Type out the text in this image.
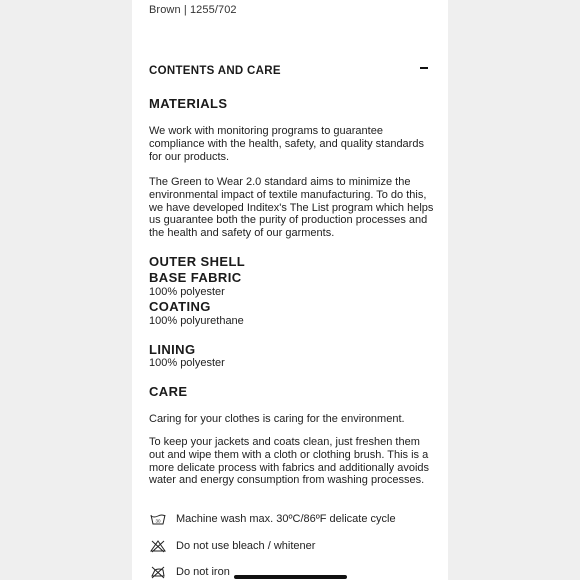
Brown | 1255/702
CONTENTS AND CARE
MATERIALS
We work with monitoring programs to guarantee compliance with the health, safety, and quality standards for our products.
The Green to Wear 2.0 standard aims to minimize the environmental impact of textile manufacturing. To do this, we have developed Inditex's The List program which helps us guarantee both the purity of production processes and the health and safety of our garments.
OUTER SHELL
BASE FABRIC
100% polyester
COATING
100% polyurethane
LINING
100% polyester
CARE
Caring for your clothes is caring for the environment.
To keep your jackets and coats clean, just freshen them out and wipe them with a cloth or clothing brush. This is a more delicate process with fabrics and additionally avoids water and energy consumption from washing processes.
30 Machine wash max. 30ºC/86ºF delicate cycle
Do not use bleach / whitener
Do not iron
